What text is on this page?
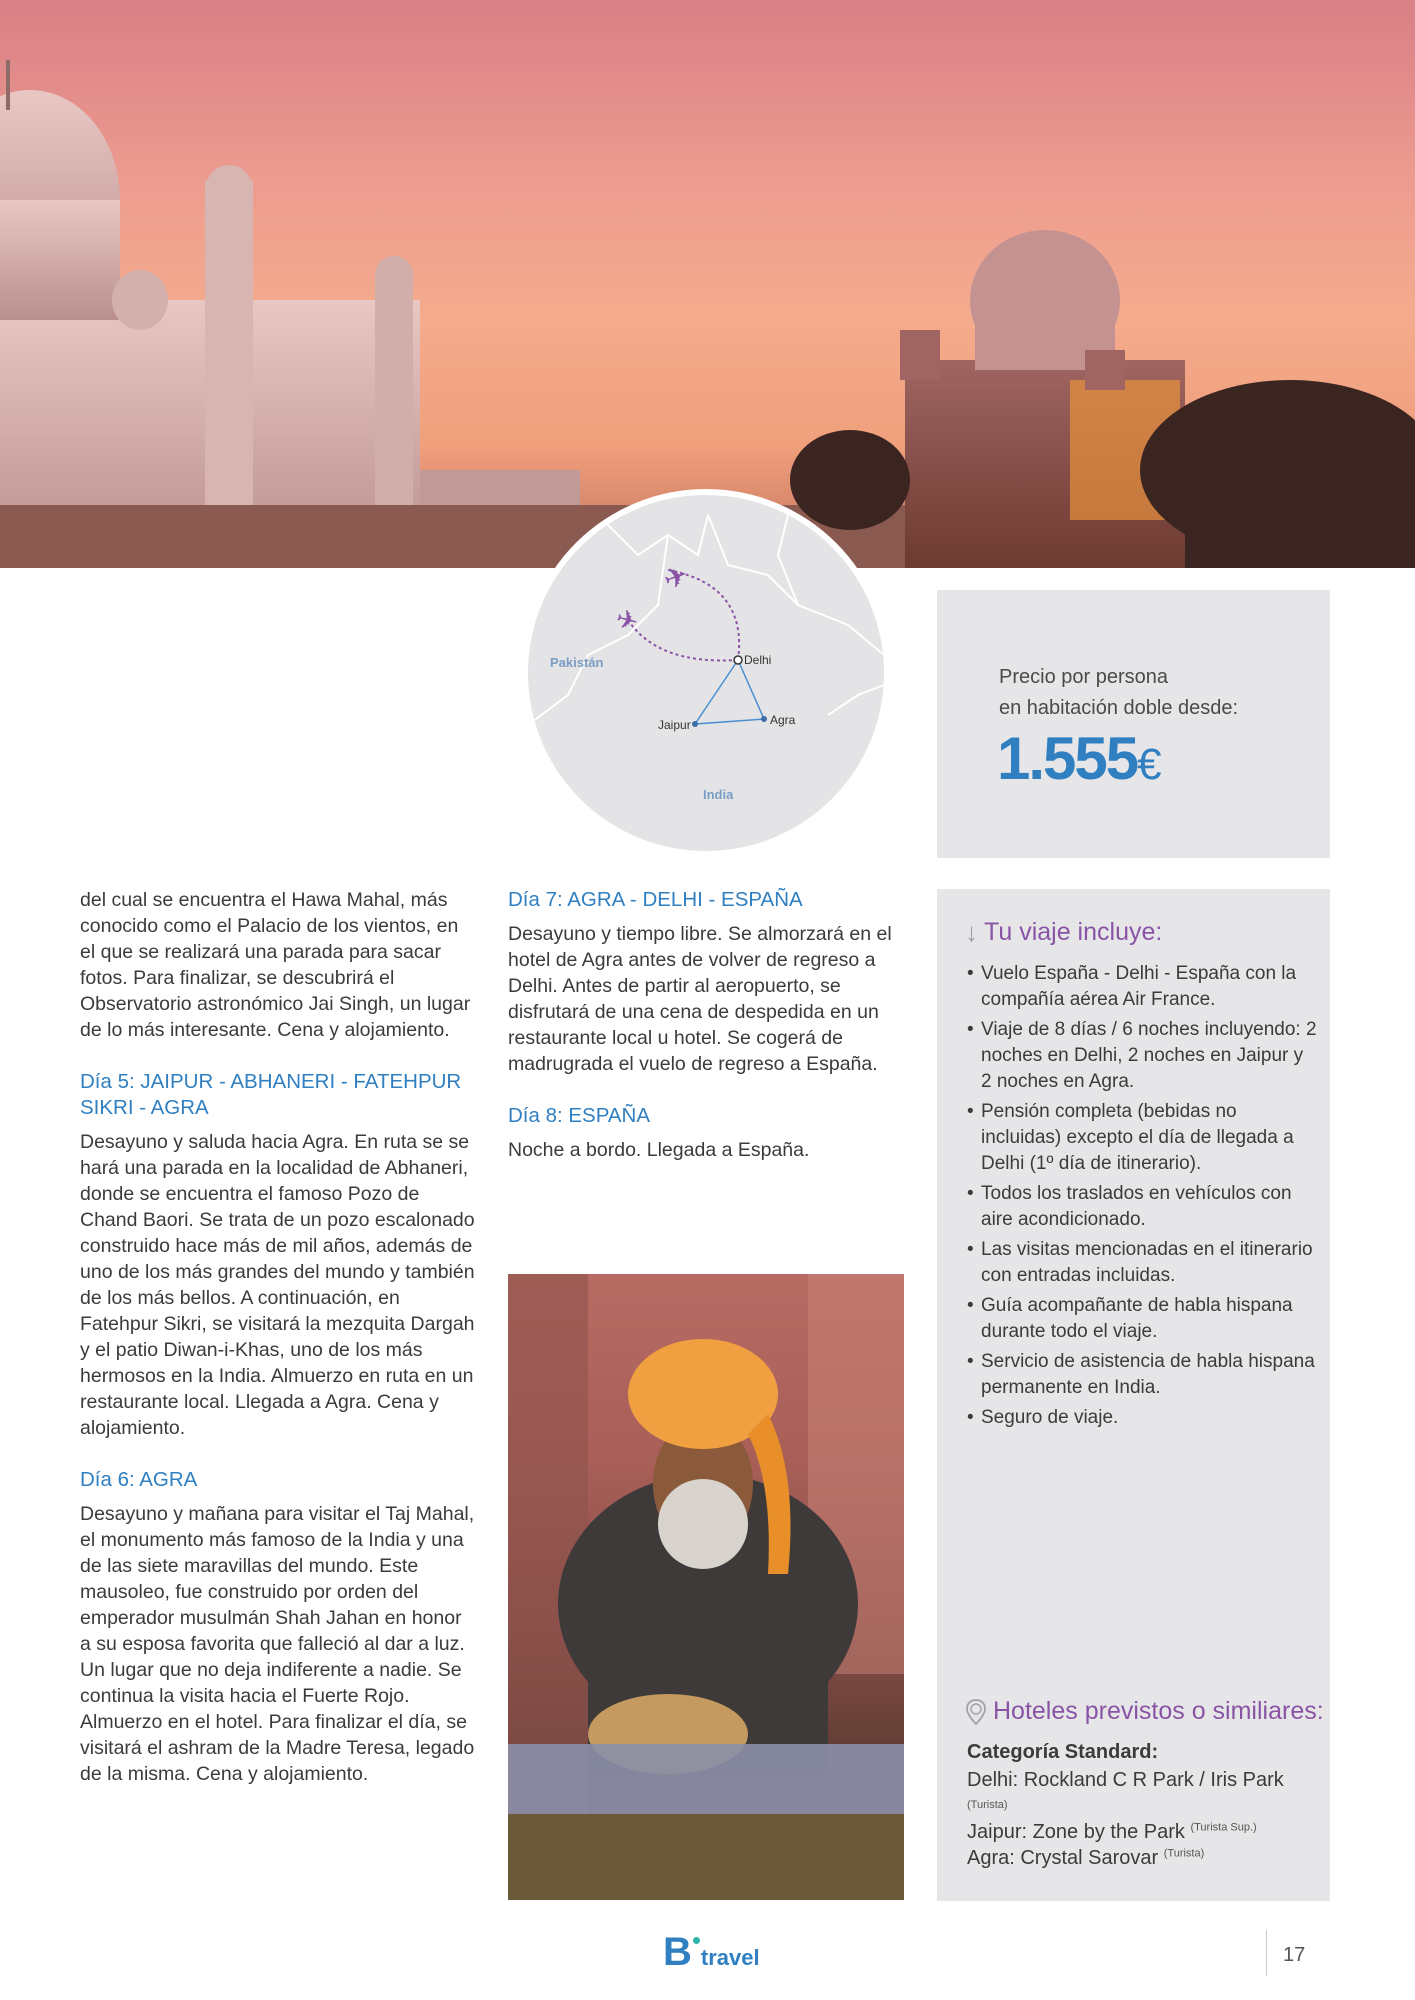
✈
✈
Pakistán	Delhi
Jaipur	Agra
India
Precio por persona
en habitación doble desde:
1.555€

del cual se encuentra el Hawa Mahal, más conocido como el Palacio de los vientos, en el que se realizará una parada para sacar fotos. Para finalizar, se descubrirá el Observatorio astronómico Jai Singh, un lugar de lo más interesante. Cena y alojamiento.

Día 5: JAIPUR - ABHANERI - FATEHPUR SIKRI - AGRA

Desayuno y saluda hacia Agra. En ruta se se hará una parada en la localidad de Abhaneri, donde se encuentra el famoso Pozo de Chand Baori. Se trata de un pozo escalonado construido hace más de mil años, además de uno de los más grandes del mundo y también de los más bellos. A continuación, en Fatehpur Sikri, se visitará la mezquita Dargah y el patio Diwan-i-Khas, uno de los más hermosos en la India. Almuerzo en ruta en un restaurante local. Llegada a Agra. Cena y alojamiento.

Día 6: AGRA

Desayuno y mañana para visitar el Taj Mahal, el monumento más famoso de la India y una de las siete maravillas del mundo. Este mausoleo, fue construido por orden del emperador musulmán Shah Jahan en honor a su esposa favorita que falleció al dar a luz. Un lugar que no deja indiferente a nadie. Se continua la visita hacia el Fuerte Rojo. Almuerzo en el hotel. Para finalizar el día, se visitará el ashram de la Madre Teresa, legado de la misma. Cena y alojamiento.

Día 7: AGRA - DELHI - ESPAÑA

Desayuno y tiempo libre. Se almorzará en el hotel de Agra antes de volver de regreso a Delhi. Antes de partir al aeropuerto, se disfrutará de una cena de despedida en un restaurante local u hotel. Se cogerá de madrugrada el vuelo de regreso a España.

Día 8: ESPAÑA

Noche a bordo. Llegada a España.

↓ Tu viaje incluye:
• Vuelo España - Delhi - España con la compañía aérea Air France.
• Viaje de 8 días / 6 noches incluyendo: 2 noches en Delhi, 2 noches en Jaipur y 2 noches en Agra.
• Pensión completa (bebidas no incluidas) excepto el día de llegada a Delhi (1º día de itinerario).
• Todos los traslados en vehículos con aire acondicionado.
• Las visitas mencionadas en el itinerario con entradas incluidas.
• Guía acompañante de habla hispana durante todo el viaje.
• Servicio de asistencia de habla hispana permanente en India.
• Seguro de viaje.
Hoteles previstos o similiares:
Categoría Standard:
Delhi: Rockland C R Park / Iris Park
(Turista)
Jaipur: Zone by the Park $^{(Turista Sup.)}$
Agra: Crystal Sarovar $^{(Turista)}$
B travel	17
